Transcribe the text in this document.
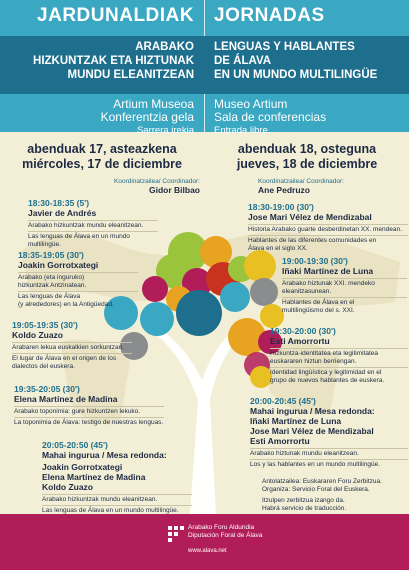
JARDUNALDIAK JORNADAS
ARABAKO
HIZKUNTZAK ETA HIZTUNAK
MUNDU ELEANITZEAN
LENGUAS Y HABLANTES
DE ÁLAVA
EN UN MUNDO MULTILINGÜE
Artium Museoa
Konferentzia gela
Sarrera irekia
Museo Artium
Sala de conferencias
Entrada libre
abenduak 17, asteazkena
miércoles, 17 de diciembre
Koordinatzailea/ Coordinador:
Gidor Bilbao
18:30-18:35 (5')
Javier de Andrés
Arabako hizkuntzak mundu eleanitzean.
Las lenguas de Álava en un mundo multilingüe.
18:35-19:05 (30')
Joakin Gorrotxategi
Arabako (eta inguruko)
hizkuntzak Antzinatean.
Las lenguas de Álava
(y alrededores) en la Antigüedad.
19:05-19:35 (30')
Koldo Zuazo
Arabaren lekua euskalkien sorkuntzan.
El lugar de Álava en el origen de los
dialectos del euskera.
19:35-20:05 (30')
Elena Martínez de Madina
Arabako toponimia: gure hizkuntzen lekuko.
La toponimia de Álava: testigo de nuestras lenguas.
20:05-20:50 (45')
Mahai ingurua / Mesa redonda:
Joakin Gorrotxategi
Elena Martínez de Madina
Koldo Zuazo
Arabako hizkuntzak mundu eleanitzean.
Las lenguas de Álava en un mundo multilingüe.
abenduak 18, osteguna
jueves, 18 de diciembre
Koordinatzailea/ Coordinador:
Ane Pedruzo
18:30-19:00 (30')
Jose Mari Vélez de Mendizabal
Historia Arabako guarte desberdinetan XX. mendean.
Hablantes de las diferentes comunidades en
Álava en el siglo XX.
19:00-19:30 (30')
Iñaki Martínez de Luna
Arabako hiztunak XXI. mendeko
eleanitzasunean.
Hablantes de Álava en el
multilingüismo del s. XXI.
19:30-20:00 (30')
Esti Amorrortu
Hizkuntza-identitatea eta legitimitatea
euskararen hiztun berriengan.
Identidad lingüística y legitimidad en el
grupo de nuevos hablantes de euskera.
20:00-20:45 (45')
Mahai ingurua / Mesa redonda:
Iñaki Martínez de Luna
Jose Mari Vélez de Mendizabal
Esti Amorrortu
Arabako hiztunak mundu eleanitzean.
Los y las hablantes en un mundo multilingüe.
Antolatzailea: Euskararen Foru Zerbitzua.
Organiza: Servicio Foral del Euskera.
Itzulpen zerbitzua izango da.
Habrá servicio de traducción.
Arabako Foru Aldundia
Diputación Foral de Álava
www.alava.net
